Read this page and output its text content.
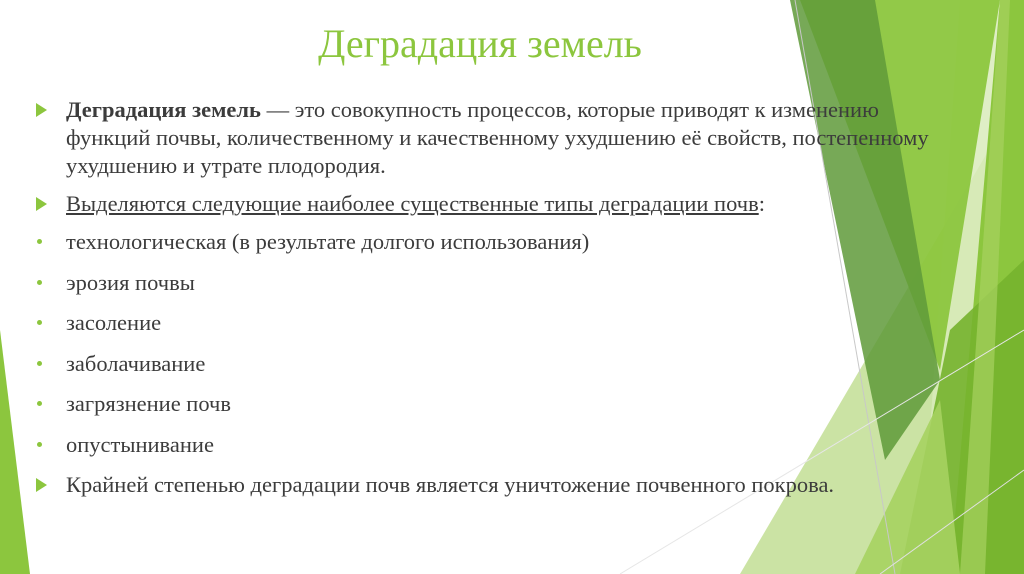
Деградация земель
Деградация земель — это совокупность процессов, которые приводят к изменению функций почвы, количественному и качественному ухудшению её свойств, постепенному ухудшению и утрате плодородия.
Выделяются следующие наиболее существенные типы деградации почв:
технологическая (в результате долгого использования)
эрозия почвы
засоление
заболачивание
загрязнение почв
опустынивание
Крайней степенью деградации почв является уничтожение почвенного покрова.
